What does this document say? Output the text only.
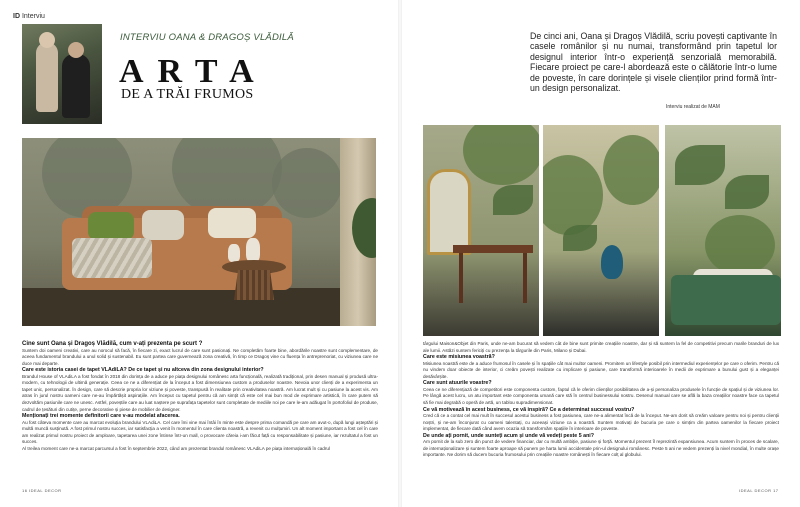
ID Interviu
INTERVIU OANA & DRAGOȘ VLĂDILĂ
ARTA
DE A TRĂI FRUMOS
Cine sunt Oana și Dragoș Vlădilă, cum v-ați prezenta pe scurt ?

Suntem doi oameni creativi, care au norocul să facă, în fiecare zi, exact lucrul de care sunt pasionați. Ne completăm foarte bine, abordările noastre sunt complementare, de aceea fundamentul brandului a unul solid și sustenabil. Eu sunt partea care guvernează zona creativă, în timp ce Dragoș vine cu fluența în antreprenoriat, cu viziunea care ne duce mai departe.

Care este istoria casei de tapet VLAdiLA? De ce tapet și nu altceva din zona designului interior?

Brandul House of VLAdiLA a fost fondat în 2018 din dorința de a aduce pe piața designului românesc arta funcțională, realizată tradițional, prin desen manual și produsă ultra-modern, cu tehnologii de ultimă generație. Ceea ce ne a diferențiat de la început a fost dimensiunea custom a produselor noastre. Nevoia unor clienți de a experimenta un tapet unic, personalizat. În design, care să descrie propria lor viziune și poveste, transpusă în realitate prin creativitatea noastră. Am lucrat mult și cu pasiune la acest vis. Am atras în jurul nostru oameni care ne-au împărtășit aspirațiile. Am început cu tapetul pentru că am simțit că este cel mai bun mod de exprimare artistică, în care putem să dezvoltăm pasiunile care ne unesc. Astfel, poveștile care au luat naștere pe suprafața tapetelor sunt completate de mediile noi pe care le-am adăugat în portofoliul de produse, cadrul de țesături din cutițe, perne decorative și piese de mobilier de designer.

Menționați trei momente definitorii care v-au modelat afacerea.

Au fost câteva momente care au marcat evoluția brandului VLAdiLA. Cel care îmi vine mai întâi în minte este despre prima comandă pe care am avut-o, după lungi așteptări și multă muncă susținută. A fost primul nostru succes, iar satisfacția a venit în momentul în care clienta noastră, a revenit cu mulțumiri. Un alt moment important a fost cel în care am realizat primul nostru proiect de amploare, tapetarea unei zone întinse într-un mall, o provocare căreia i-am făcut față cu responsabilitate și pasiune, iar rezultatul a fost un succes.

Al treilea moment care ne-a marcat parcursul a fost în septembrie 2022, când am prezentat brandul românesc VLAdiLA pe piața internațională în cadrul

16 IDEAL DECOR
De cinci ani, Oana și Dragoș Vlădilă, scriu povești captivante în casele românilor și nu numai, transformând prin tapetul lor designul interior într-o experiență senzorială memorabilă. Fiecare proiect pe care-l abordează este o călătorie într-o lume de poveste, în care dorințele și visele clienților prind formă într-un design personalizat.
Interviu realizat de MAM

târgului Maison&Objet din Paris, unde ne-am bucurat să vedem cât de bine sunt primite creațiile noastre, dar și să suntem la fel de competitivi precum marile branduri de lux ale lumii. Astăzi suntem fericiți cu prezența la târgurile din Paris, Milano și Dubai.

Care este misiunea voastră?

Misiunea noastră este de a aduce frumosul în casele și în spațiile cât mai multor oameni. Promitem un lifestyle posibil prin intermediul experiențelor pe care o oferim. Pentru că nu vindem doar obiecte de interior, ci creăm povești realizate cu implicare și pasiune, care transformă interioarele în medii de exprimare a bunului gust și a eleganței desăvârșite.

Care sunt atuurile voastre?

Ceea ce ne diferențiază de competitori este componenta custom, faptul că le oferim clienților posibilitatea de a-și personaliza produsele în funcție de spațiul și de viziunea lor. Pe lângă acest lucru, un atu important este componenta umană care stă în centrul businessului nostru. Desenul manual care se află la baza creațiilor noastre face ca tapetul să fie mai degrabă o operă de artă, un tablou supradimensionat.

Ce vă motivează în acest business, ce vă inspiră? Ce a determinat succesul vostru?

Cred că ce a contat cel mai mult în succesul acestui business a fost pasiunea, care ne-a alimentat încă de la început. Ne-am dorit să creăm valoare pentru noi și pentru clienții noștri, și ne-am înconjurat cu oameni talentați, cu aceeași viziune ca a noastră. Suntem motivați de bucuria pe care o simțim din partea oamenilor la fiecare proiect implementat, de fiecare dată când avem ocazia să transformăm spațiile în interioare de poveste.

De unde ați pornit, unde sunteți acum și unde vă vedeți peste 5 ani?

Am pornit de la sub zero din punct de vedere financiar, dar cu multă ambiție, pasiune și forță. Momentul prezent îl reprezintă expansiunea. Acum suntem în proces de scalare, de internaționalizare și suntem foarte aproape să punem pe harta lumii accidentale prin-ul designului românesc. Peste 5 ani ne vedem prezenți la nivel mondial, în multe orașe importante. Ne dorim să ducem bucuria frumosului prin creațiile noastre românești în fiecare colț al globului.

IDEAL DECOR 17
